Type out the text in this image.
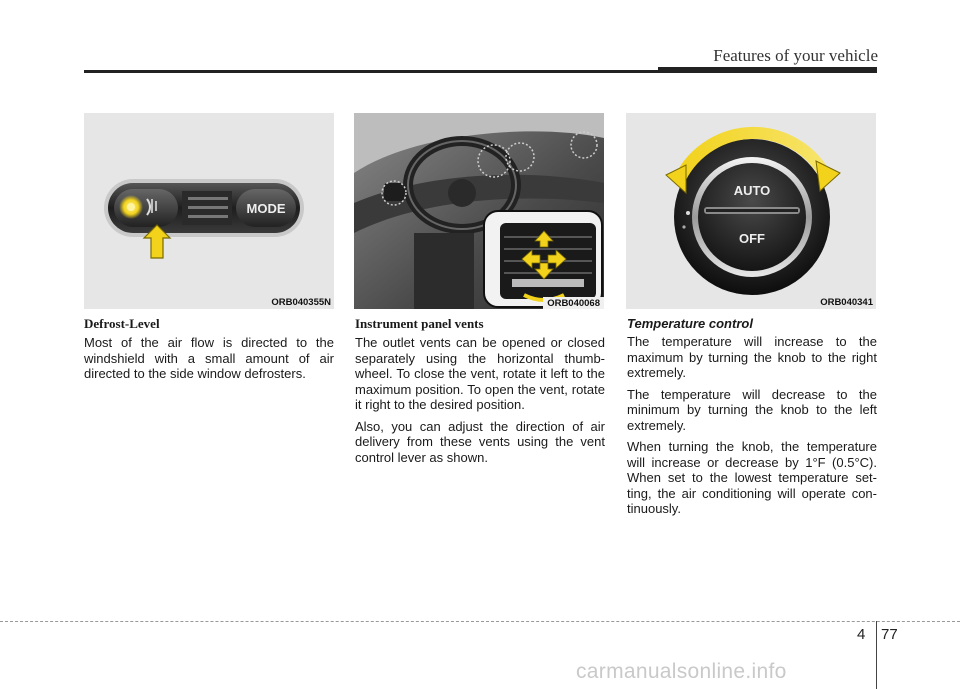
Features of your vehicle
MODE
ORB040355N	ORB040068
AUTO
OFF
ORB040341
Defrost-Level

Most of the air flow is directed to the windshield with a small amount of air directed to the side window defrosters.

Instrument panel vents

The outlet vents can be opened or closed separately using the horizontal thumb-wheel. To close the vent, rotate it left to the maximum position. To open the vent, rotate it right to the desired position.

Also, you can adjust the direction of air delivery from these vents using the vent control lever as shown.

Temperature control

The temperature will increase to the maximum by turning the knob to the right extremely.

The temperature will decrease to the minimum by turning the knob to the left extremely.

When turning the knob, the temperature will increase or decrease by 1°F (0.5°C). When set to the lowest temperature set-ting, the air conditioning will operate con-tinuously.

4 77
carmanualsonline.info
